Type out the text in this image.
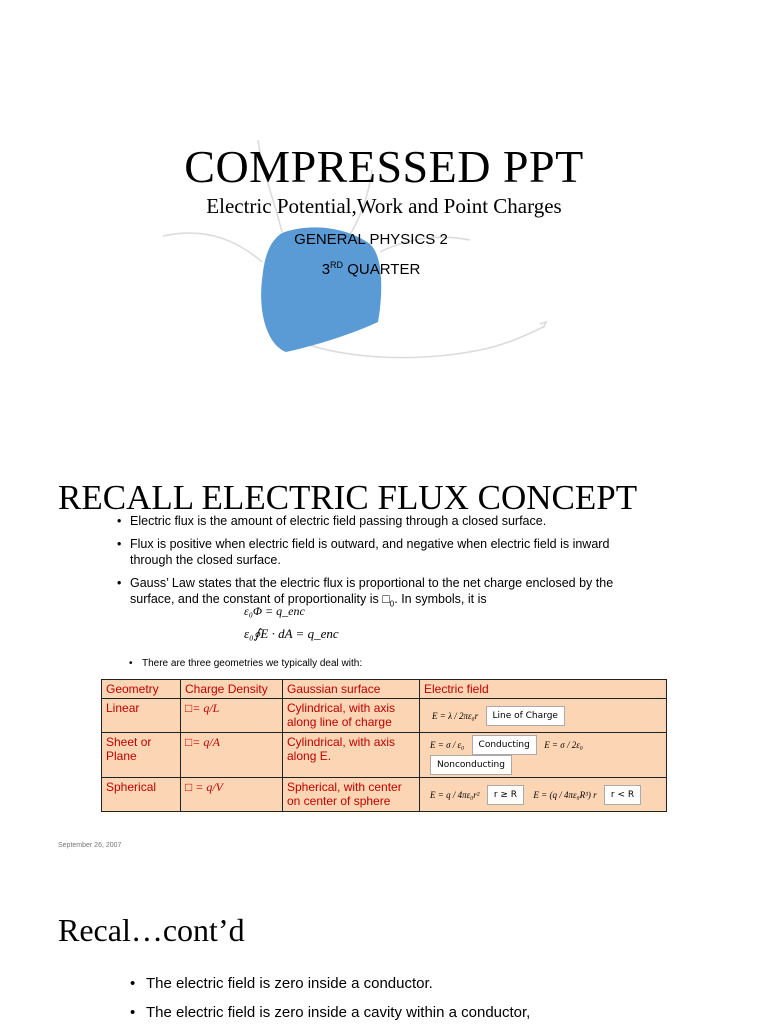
COMPRESSED PPT
Electric Potential,Work and Point Charges
GENERAL PHYSICS 2
3RD QUARTER
RECALL ELECTRIC FLUX CONCEPT
• Electric flux is the amount of electric field passing through a closed surface.
• Flux is positive when electric field is outward, and negative when electric field is inward through the closed surface.
• Gauss’ Law states that the electric flux is proportional to the net charge enclosed by the surface, and the constant of proportionality is $□_0$. In symbols, it is
ε₀Φ = q_enc
ε₀∮E · dA = q_enc
• There are three geometries we typically deal with:
Geometry	Charge Density	Gaussian surface	Electric field
Linear	□= q/L	Cylindrical, with axis along line of charge	E = λ / 2πε₀r Line of Charge
Sheet or Plane	□= q/A	Cylindrical, with axis along E.	E = σ / ε₀ Conducting E = σ / 2ε₀ Nonconducting
Spherical	□ = q/V	Spherical, with center on center of sphere	E = q / 4πε₀r² r ≥ R E = (q / 4πε₀R³) r r < R
September 26, 2007
Recal…cont’d
• The electric field is zero inside a conductor.
• The electric field is zero inside a cavity within a conductor,
